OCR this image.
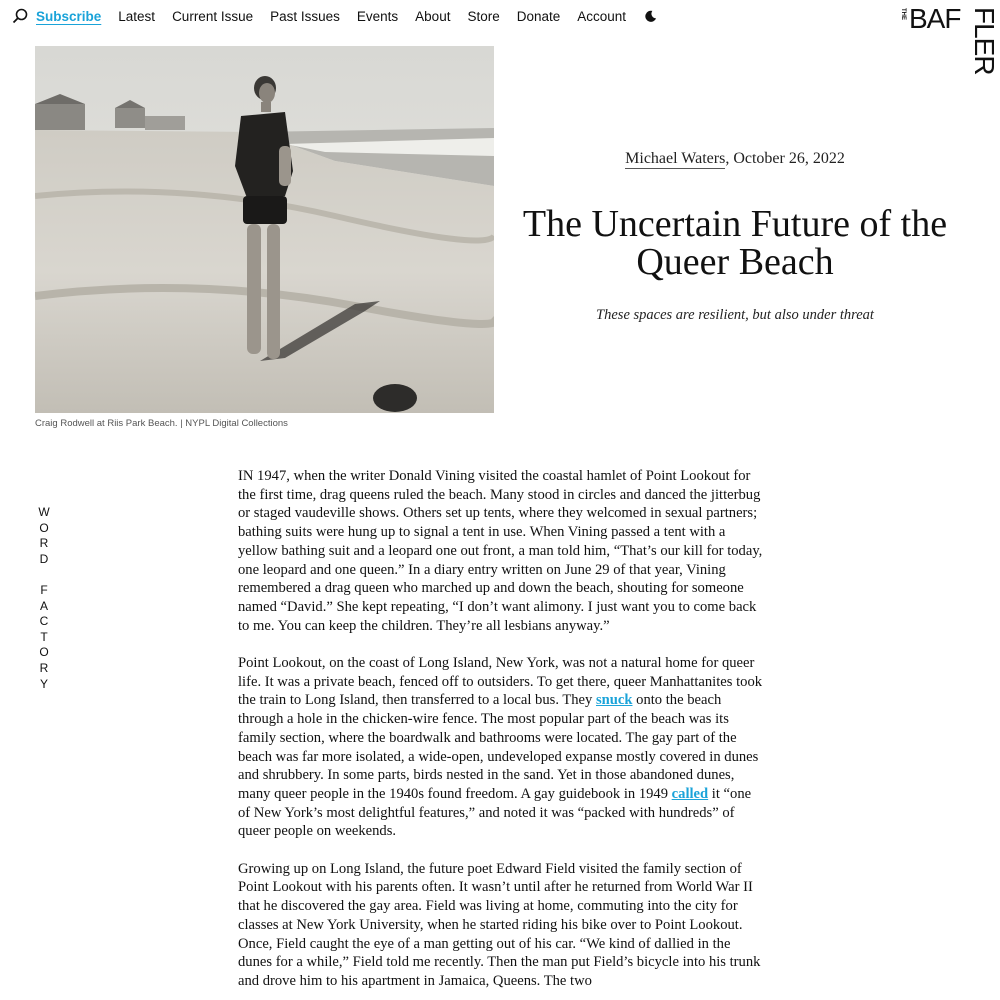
Subscribe Latest Current Issue Past Issues Events About Store Donate Account	THE BAF FLER
Craig Rodwell at Riis Park Beach. | NYPL Digital Collections
Michael Waters, October 26, 2022
The Uncertain Future of the Queer Beach
These spaces are resilient, but also under threat
W
O
R
D

F
A
C
T
O
R
Y

IN 1947, when the writer Donald Vining visited the coastal hamlet of Point Lookout for the first time, drag queens ruled the beach. Many stood in circles and danced the jitterbug or staged vaudeville shows. Others set up tents, where they welcomed in sexual partners; bathing suits were hung up to signal a tent in use. When Vining passed a tent with a yellow bathing suit and a leopard one out front, a man told him, “That’s our kill for today, one leopard and one queen.” In a diary entry written on June 29 of that year, Vining remembered a drag queen who marched up and down the beach, shouting for someone named “David.” She kept repeating, “I don’t want alimony. I just want you to come back to me. You can keep the children. They’re all lesbians anyway.”

Point Lookout, on the coast of Long Island, New York, was not a natural home for queer life. It was a private beach, fenced off to outsiders. To get there, queer Manhattanites took the train to Long Island, then transferred to a local bus. They snuck onto the beach through a hole in the chicken-wire fence. The most popular part of the beach was its family section, where the boardwalk and bathrooms were located. The gay part of the beach was far more isolated, a wide-open, undeveloped expanse mostly covered in dunes and shrubbery. In some parts, birds nested in the sand. Yet in those abandoned dunes, many queer people in the 1940s found freedom. A gay guidebook in 1949 called it “one of New York’s most delightful features,” and noted it was “packed with hundreds” of queer people on weekends.

Growing up on Long Island, the future poet Edward Field visited the family section of Point Lookout with his parents often. It wasn’t until after he returned from World War II that he discovered the gay area. Field was living at home, commuting into the city for classes at New York University, when he started riding his bike over to Point Lookout. Once, Field caught the eye of a man getting out of his car. “We kind of dallied in the dunes for a while,” Field told me recently. Then the man put Field’s bicycle into his trunk and drove him to his apartment in Jamaica, Queens. The two
